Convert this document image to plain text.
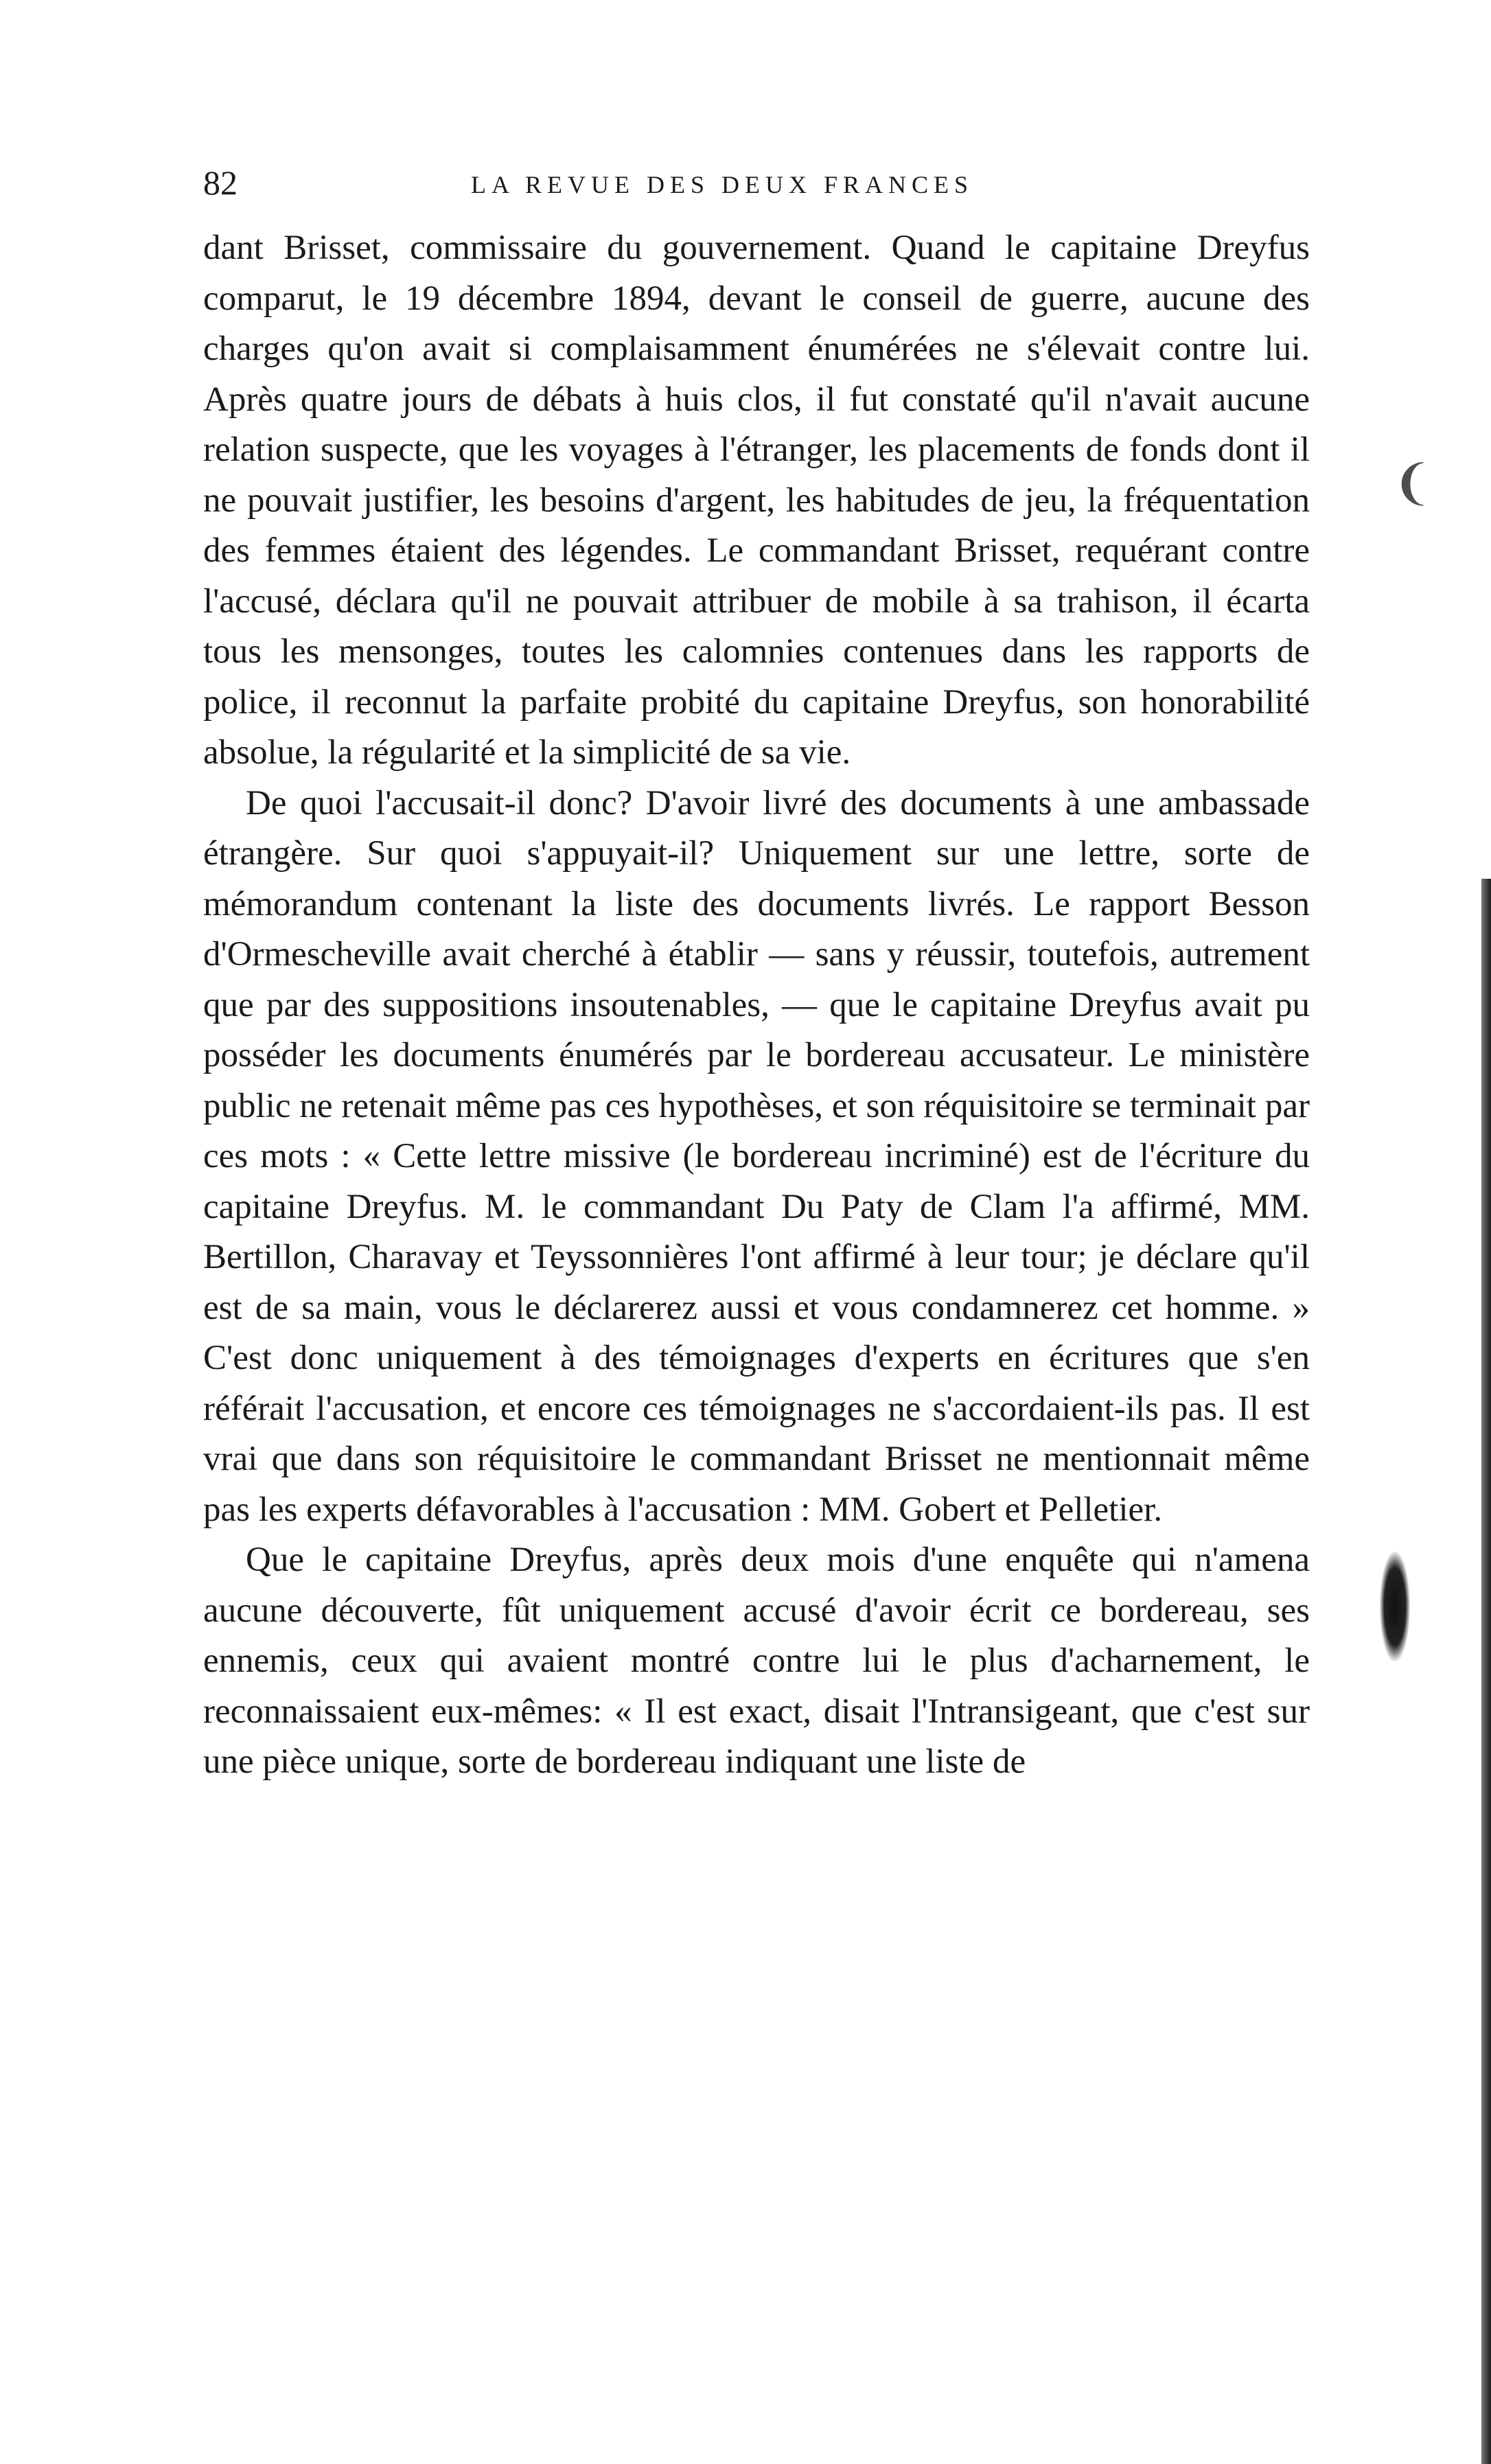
82	LA REVUE DES DEUX FRANCES

dant Brisset, commissaire du gouvernement. Quand le capitaine Dreyfus comparut, le 19 décembre 1894, devant le conseil de guerre, aucune des charges qu'on avait si complaisamment énumérées ne s'élevait contre lui. Après quatre jours de débats à huis clos, il fut constaté qu'il n'avait aucune relation suspecte, que les voyages à l'étranger, les placements de fonds dont il ne pouvait justifier, les besoins d'argent, les habitudes de jeu, la fréquentation des femmes étaient des légendes. Le commandant Brisset, requérant contre l'accusé, déclara qu'il ne pouvait attribuer de mobile à sa trahison, il écarta tous les mensonges, toutes les calomnies contenues dans les rapports de police, il reconnut la parfaite probité du capitaine Dreyfus, son honorabilité absolue, la régularité et la simplicité de sa vie.

De quoi l'accusait-il donc? D'avoir livré des documents à une ambassade étrangère. Sur quoi s'appuyait-il? Uniquement sur une lettre, sorte de mémorandum contenant la liste des documents livrés. Le rapport Besson d'Ormescheville avait cherché à établir — sans y réussir, toutefois, autrement que par des suppositions insoutenables, — que le capitaine Dreyfus avait pu posséder les documents énumérés par le bordereau accusateur. Le ministère public ne retenait même pas ces hypothèses, et son réquisitoire se terminait par ces mots : « Cette lettre missive (le bordereau incriminé) est de l'écriture du capitaine Dreyfus. M. le commandant Du Paty de Clam l'a affirmé, MM. Bertillon, Charavay et Teyssonnières l'ont affirmé à leur tour; je déclare qu'il est de sa main, vous le déclarerez aussi et vous condamnerez cet homme. » C'est donc uniquement à des témoignages d'experts en écritures que s'en référait l'accusation, et encore ces témoignages ne s'accordaient-ils pas. Il est vrai que dans son réquisitoire le commandant Brisset ne mentionnait même pas les experts défavorables à l'accusation : MM. Gobert et Pelletier.

Que le capitaine Dreyfus, après deux mois d'une enquête qui n'amena aucune découverte, fût uniquement accusé d'avoir écrit ce bordereau, ses ennemis, ceux qui avaient montré contre lui le plus d'acharnement, le reconnaissaient eux-mêmes: « Il est exact, disait l'Intransigeant, que c'est sur une pièce unique, sorte de bordereau indiquant une liste de

❨
